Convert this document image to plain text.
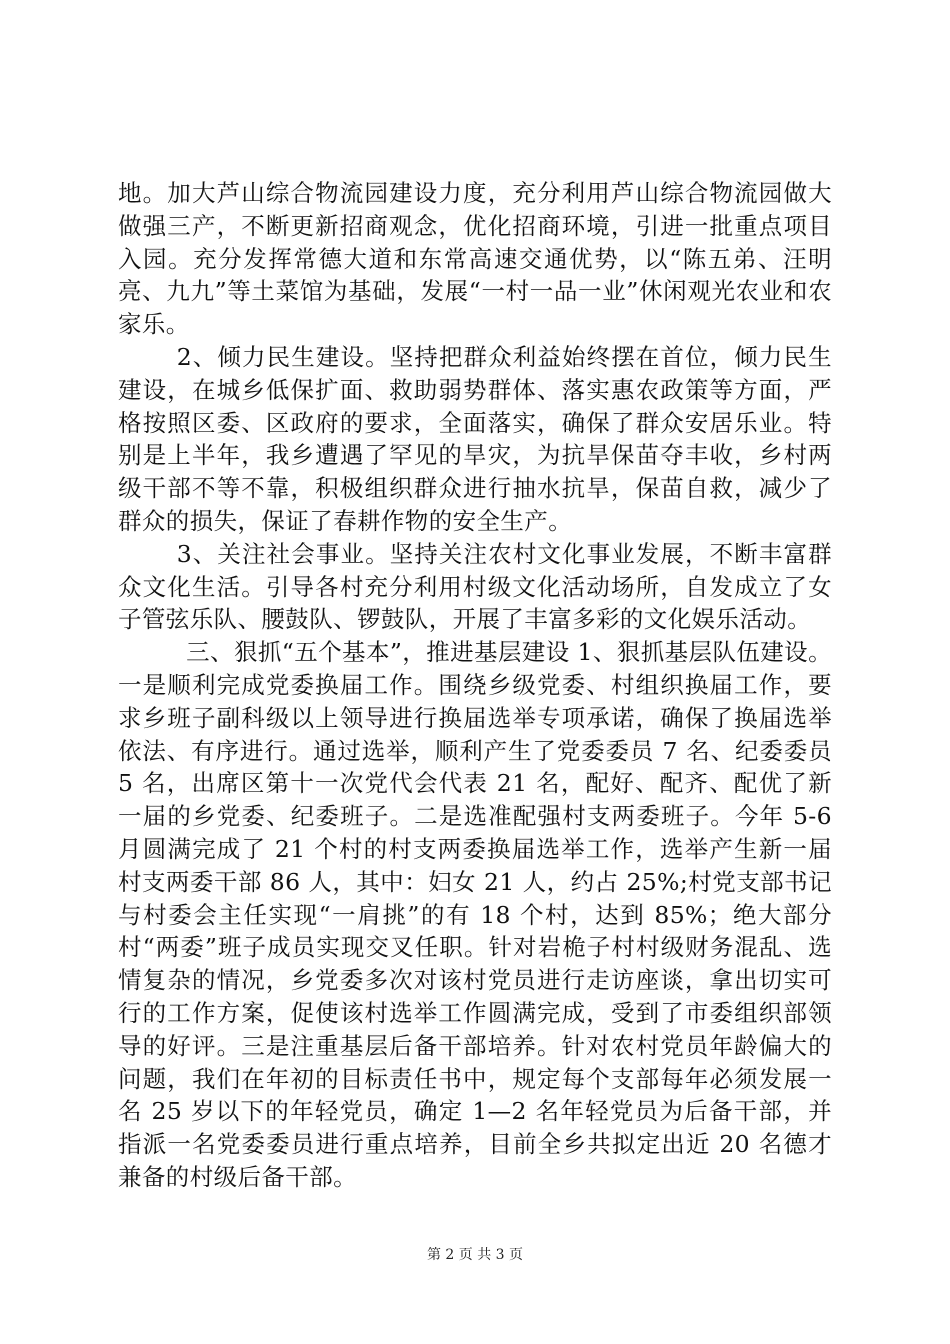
地。加大芦山综合物流园建设力度，充分利用芦山综合物流园做大做强三产，不断更新招商观念，优化招商环境，引进一批重点项目入园。充分发挥常德大道和东常高速交通优势，以“陈五弟、汪明亮、九九”等土菜馆为基础，发展“一村一品一业”休闲观光农业和农家乐。

2、倾力民生建设。坚持把群众利益始终摆在首位，倾力民生建设，在城乡低保扩面、救助弱势群体、落实惠农政策等方面，严格按照区委、区政府的要求，全面落实，确保了群众安居乐业。特别是上半年，我乡遭遇了罕见的旱灾，为抗旱保苗夺丰收，乡村两级干部不等不靠，积极组织群众进行抽水抗旱，保苗自救，减少了群众的损失，保证了春耕作物的安全生产。

3、关注社会事业。坚持关注农村文化事业发展，不断丰富群众文化生活。引导各村充分利用村级文化活动场所，自发成立了女子管弦乐队、腰鼓队、锣鼓队，开展了丰富多彩的文化娱乐活动。

三、狠抓“五个基本”，推进基层建设 1、狠抓基层队伍建设。一是顺利完成党委换届工作。围绕乡级党委、村组织换届工作，要求乡班子副科级以上领导进行换届选举专项承诺，确保了换届选举依法、有序进行。通过选举，顺利产生了党委委员 7 名、纪委委员 5 名，出席区第十一次党代会代表 21 名，配好、配齐、配优了新一届的乡党委、纪委班子。二是选准配强村支两委班子。今年 5-6 月圆满完成了 21 个村的村支两委换届选举工作，选举产生新一届村支两委干部 86 人，其中：妇女 21 人，约占 25%;村党支部书记与村委会主任实现“一肩挑”的有 18 个村，达到 85%；绝大部分村“两委”班子成员实现交叉任职。针对岩桅子村村级财务混乱、选情复杂的情况，乡党委多次对该村党员进行走访座谈，拿出切实可行的工作方案，促使该村选举工作圆满完成，受到了市委组织部领导的好评。三是注重基层后备干部培养。针对农村党员年龄偏大的问题，我们在年初的目标责任书中，规定每个支部每年必须发展一名 25 岁以下的年轻党员，确定 1—2 名年轻党员为后备干部，并指派一名党委委员进行重点培养，目前全乡共拟定出近 20 名德才兼备的村级后备干部。

第 2 页 共 3 页
